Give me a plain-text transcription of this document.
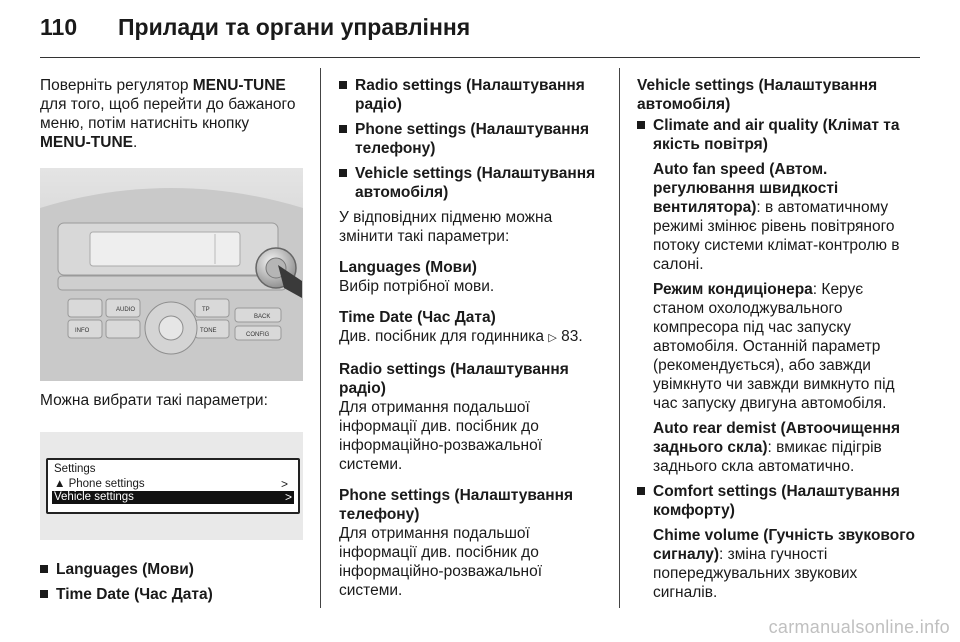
110	Прилади та органи управління

Поверніть регулятор MENU-TUNE для того, щоб перейти до бажаного меню, потім натисніть кнопку
MENU-TUNE.

BACK
CONFIG
TP
AUDIO
TONE
INFO

Можна вибрати такі параметри:

Settings
▲ Phone settings	>
Vehicle settings	>

Languages (Мови)

Time Date (Час Дата)

Radio settings (Налаштування радіо)

Phone settings (Налаштування телефону)

Vehicle settings (Налаштування автомобіля)

У відповідних підменю можна змінити такі параметри:

Languages (Мови)

Вибір потрібної мови.

Time Date (Час Дата)

Див. посібник для годинника ▷ 83.

Radio settings (Налаштування радіо)

Для отримання подальшої інформації див. посібник до інформаційно-розважальної системи.

Phone settings (Налаштування телефону)

Для отримання подальшої інформації див. посібник до інформаційно-розважальної системи.

Vehicle settings (Налаштування автомобіля)

Climate and air quality (Клімат та якість повітря)

Auto fan speed (Автом. регулювання швидкості вентилятора): в автоматичному режимі змінює рівень повітряного потоку системи клімат-контролю в салоні.

Режим кондиціонера: Керує станом охолоджувального компресора під час запуску автомобіля. Останній параметр (рекомендується), або завжди увімкнуто чи завжди вимкнуто під час запуску двигуна автомобіля.

Auto rear demist (Автоочищення заднього скла): вмикає підігрів заднього скла автоматично.

Comfort settings (Налаштування комфорту)

Chime volume (Гучність звукового сигналу): зміна гучності попереджувальних звукових сигналів.

carmanualsonline.info
